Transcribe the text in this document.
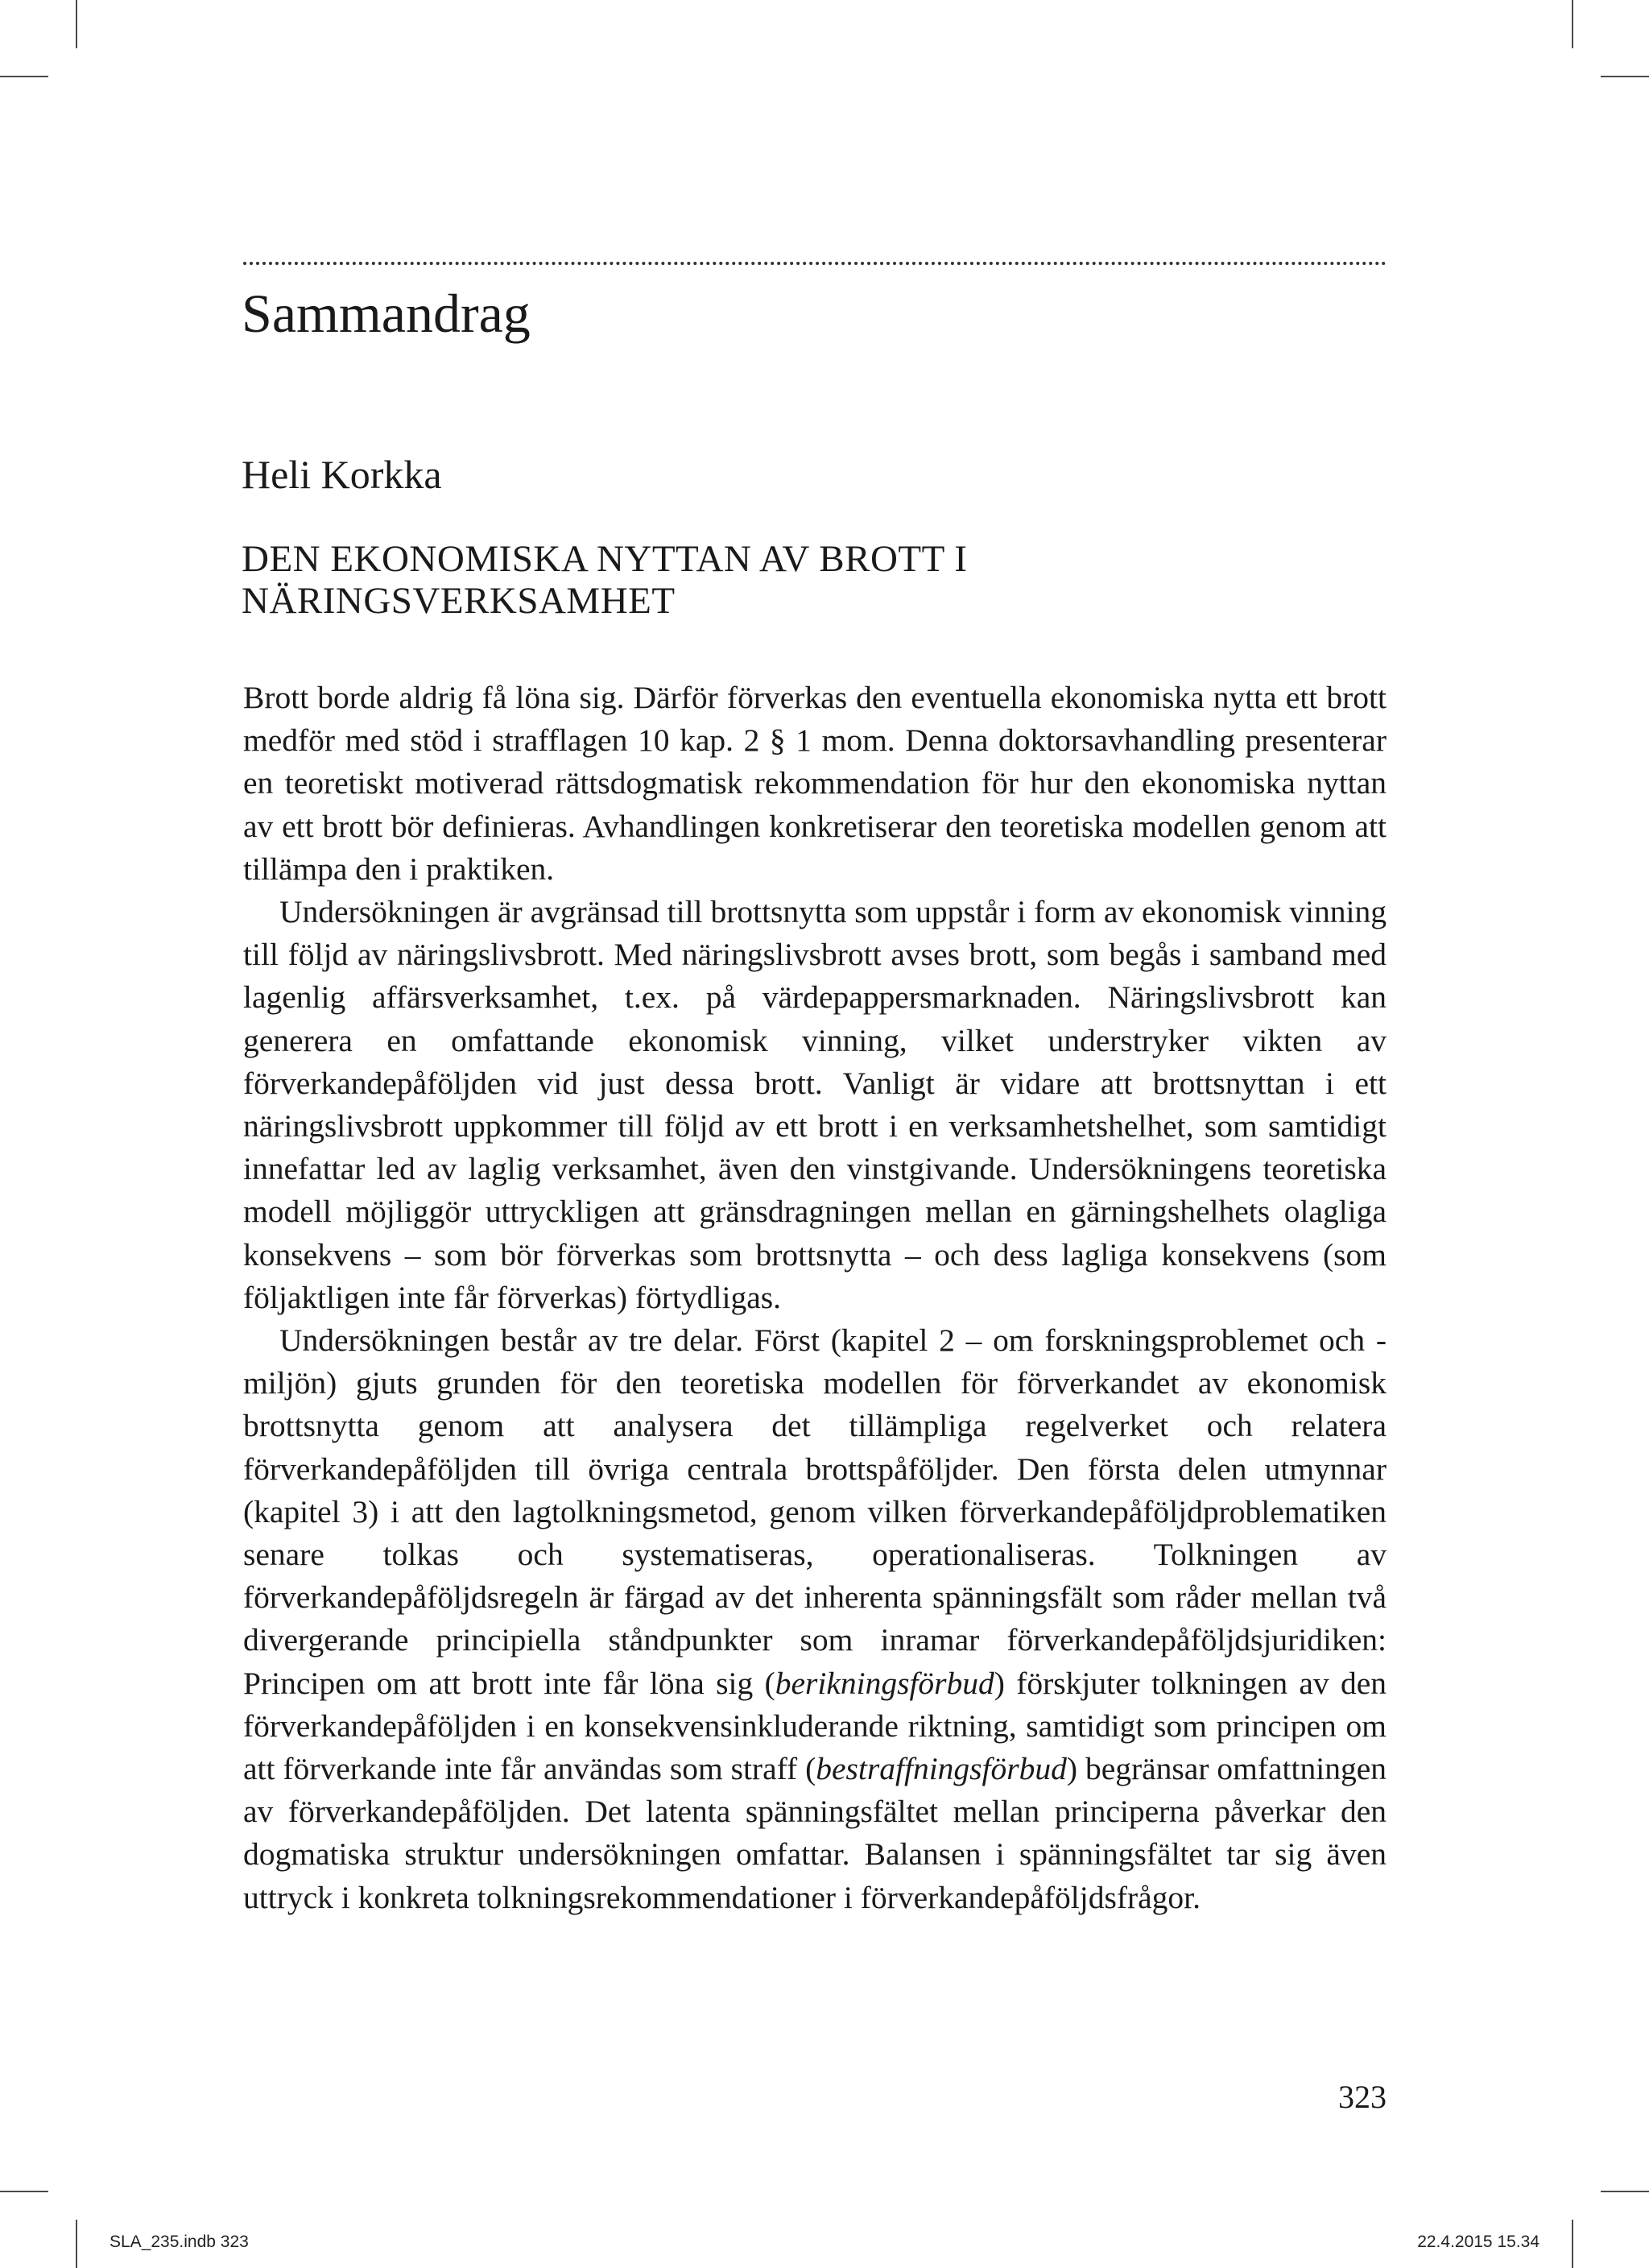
Sammandrag
Heli Korkka
DEN EKONOMISKA NYTTAN AV BROTT I
NÄRINGSVERKSAMHET

Brott borde aldrig få löna sig. Därför förverkas den eventuella ekonomiska nytta ett brott medför med stöd i strafflagen 10 kap. 2 § 1 mom. Denna doktorsavhandling presenterar en teoretiskt motiverad rättsdogmatisk rekommendation för hur den ekonomiska nyttan av ett brott bör definieras. Avhandlingen konkretiserar den teoretiska modellen genom att tillämpa den i praktiken.

Undersökningen är avgränsad till brottsnytta som uppstår i form av ekonomisk vinning till följd av näringslivsbrott. Med näringslivsbrott avses brott, som begås i samband med lagenlig affärsverksamhet, t.ex. på värdepappersmarknaden. Näringslivsbrott kan generera en omfattande ekonomisk vinning, vilket understryker vikten av förverkandepåföljden vid just dessa brott. Vanligt är vidare att brottsnyttan i ett näringslivsbrott uppkommer till följd av ett brott i en verksamhetshelhet, som samtidigt innefattar led av laglig verksamhet, även den vinstgivande. Undersökningens teoretiska modell möjliggör uttryckligen att gränsdragningen mellan en gärningshelhets olagliga konsekvens – som bör förverkas som brottsnytta – och dess lagliga konsekvens (som följaktligen inte får förverkas) förtydligas.

Undersökningen består av tre delar. Först (kapitel 2 – om forskningsproblemet och -miljön) gjuts grunden för den teoretiska modellen för förverkandet av ekonomisk brottsnytta genom att analysera det tillämpliga regelverket och relatera förverkandepåföljden till övriga centrala brottspåföljder. Den första delen utmynnar (kapitel 3) i att den lagtolkningsmetod, genom vilken förverkandepåföljdproblematiken senare tolkas och systematiseras, operationaliseras. Tolkningen av förverkandepåföljdsregeln är färgad av det inherenta spänningsfält som råder mellan två divergerande principiella ståndpunkter som inramar förverkandepåföljdsjuridiken: Principen om att brott inte får löna sig (berikningsförbud) förskjuter tolkningen av den förverkandepåföljden i en konsekvensinkluderande riktning, samtidigt som principen om att förverkande inte får användas som straff (bestraffningsförbud) begränsar omfattningen av förverkandepåföljden. Det latenta spänningsfältet mellan principerna påverkar den dogmatiska struktur undersökningen omfattar. Balansen i spänningsfältet tar sig även uttryck i konkreta tolkningsrekommendationer i förverkandepåföljdsfrågor.

323
SLA_235.indb 323	22.4.2015 15.34
